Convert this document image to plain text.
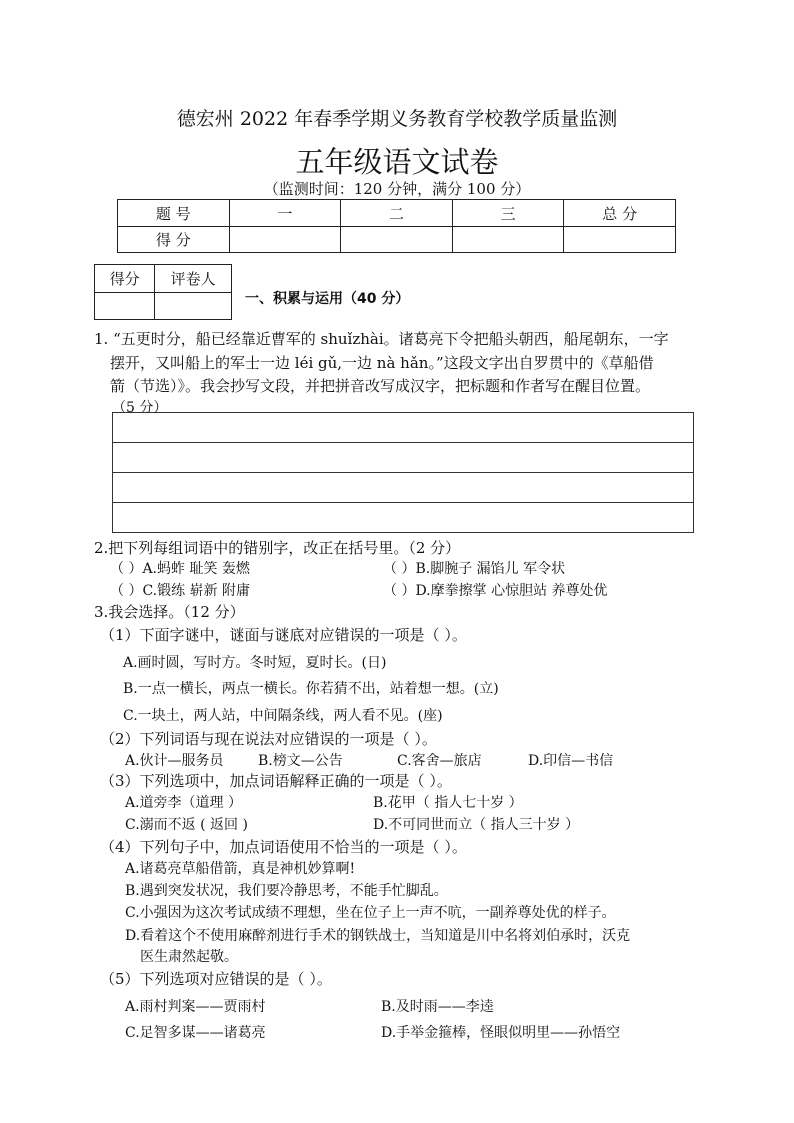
德宏州 2022 年春季学期义务教育学校教学质量监测
五年级语文试卷
（监测时间：120 分钟，满分 100 分）
题 号	一	二	三	总 分
得 分				
得分	评卷人

一、积累与运用（40 分）
1. “五更时分，船已经靠近曹军的 shuǐzhài。诸葛亮下令把船头朝西，船尾朝东，一字
摆开，又叫船上的军士一边 léi gǔ,一边 nà hǎn。”这段文字出自罗贯中的《草船借
箭（节选）》。我会抄写文段，并把拼音改写成汉字，把标题和作者写在醒目位置。
（5 分）
2.把下列每组词语中的错别字，改正在括号里。（2 分）
（ ）A.蚂蚱 耻笑 轰燃	（ ）B.脚腕子 漏馅儿 军令状
（ ）C.锻练 崭新 附庸	（ ）D.摩拳擦掌 心惊胆站 养尊处优
3.我会选择。（12 分）
（1）下面字谜中，谜面与谜底对应错误的一项是（ ）。
A.画时圆，写时方。冬时短，夏时长。(日)
B.一点一横长，两点一横长。你若猜不出，站着想一想。(立)
C.一块土，两人站，中间隔条线，两人看不见。(座)
（2）下列词语与现在说法对应错误的一项是（ ）。
A.伙计—服务员 B.榜文—公告	C.客舍—旅店	D.印信—书信
（3）下列选项中，加点词语解释正确的一项是（ ）。
A.道旁李（道理 ）	B.花甲（ 指人七十岁 ）
C.溺而不返 ( 返回 )	D.不可同世而立（ 指人三十岁 ）
（4）下列句子中，加点词语使用不恰当的一项是（ ）。
A.诸葛亮草船借箭，真是神机妙算啊!
B.遇到突发状况，我们要冷静思考，不能手忙脚乱。
C.小强因为这次考试成绩不理想，坐在位子上一声不吭，一副养尊处优的样子。
D.看着这个不使用麻醉剂进行手术的钢铁战士，当知道是川中名将刘伯承时，沃克
医生肃然起敬。
（5）下列选项对应错误的是（ ）。
A.雨村判案——贾雨村	B.及时雨——李逵
C.足智多谋——诸葛亮	D.手举金箍棒，怪眼似明里——孙悟空
